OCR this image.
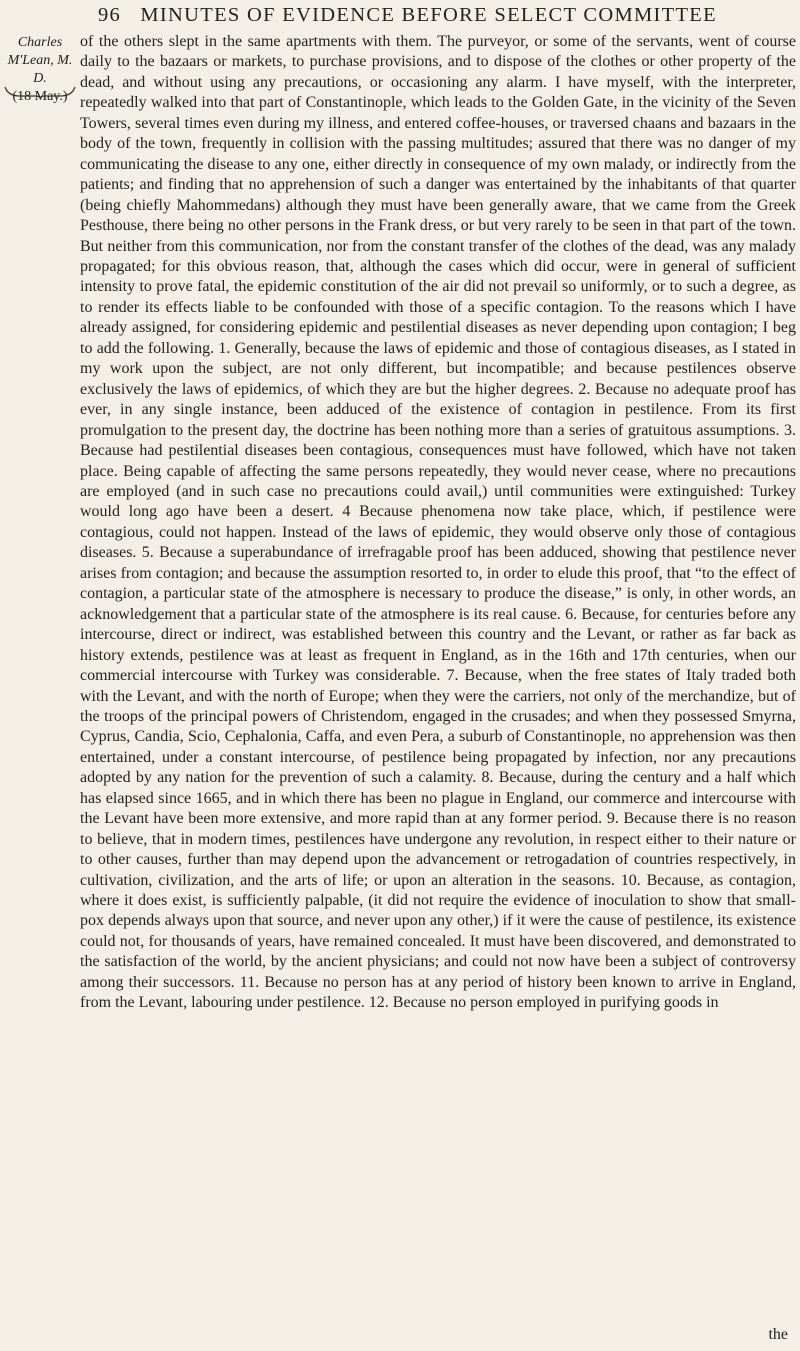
96 MINUTES OF EVIDENCE BEFORE SELECT COMMITTEE
Charles M'Lean, M. D.
(18 May.)

of the others slept in the same apartments with them. The purveyor, or some of the servants, went of course daily to the bazaars or markets, to purchase provisions, and to dispose of the clothes or other property of the dead, and without using any precautions, or occasioning any alarm. I have myself, with the interpreter, repeatedly walked into that part of Constantinople, which leads to the Golden Gate, in the vicinity of the Seven Towers, several times even during my illness, and entered coffee-houses, or traversed chaans and bazaars in the body of the town, frequently in collision with the passing multitudes; assured that there was no danger of my communicating the disease to any one, either directly in consequence of my own malady, or indirectly from the patients; and finding that no apprehension of such a danger was entertained by the inhabitants of that quarter (being chiefly Mahommedans) although they must have been generally aware, that we came from the Greek Pesthouse, there being no other persons in the Frank dress, or but very rarely to be seen in that part of the town. But neither from this communication, nor from the constant transfer of the clothes of the dead, was any malady propagated; for this obvious reason, that, although the cases which did occur, were in general of sufficient intensity to prove fatal, the epidemic constitution of the air did not prevail so uniformly, or to such a degree, as to render its effects liable to be confounded with those of a specific contagion. To the reasons which I have already assigned, for considering epidemic and pestilential diseases as never depending upon contagion; I beg to add the following. 1. Generally, because the laws of epidemic and those of contagious diseases, as I stated in my work upon the subject, are not only different, but incompatible; and because pestilences observe exclusively the laws of epidemics, of which they are but the higher degrees. 2. Because no adequate proof has ever, in any single instance, been adduced of the existence of contagion in pestilence. From its first promulgation to the present day, the doctrine has been nothing more than a series of gratuitous assumptions. 3. Because had pestilential diseases been contagious, consequences must have followed, which have not taken place. Being capable of affecting the same persons repeatedly, they would never cease, where no precautions are employed (and in such case no precautions could avail,) until communities were extinguished: Turkey would long ago have been a desert. 4 Because phenomena now take place, which, if pestilence were contagious, could not happen. Instead of the laws of epidemic, they would observe only those of contagious diseases. 5. Because a superabundance of irrefragable proof has been adduced, showing that pestilence never arises from contagion; and because the assumption resorted to, in order to elude this proof, that “to the effect of contagion, a particular state of the atmosphere is necessary to produce the disease,” is only, in other words, an acknowledgement that a particular state of the atmosphere is its real cause. 6. Because, for centuries before any intercourse, direct or indirect, was established between this country and the Levant, or rather as far back as history extends, pestilence was at least as frequent in England, as in the 16th and 17th centuries, when our commercial intercourse with Turkey was considerable. 7. Because, when the free states of Italy traded both with the Levant, and with the north of Europe; when they were the carriers, not only of the merchandize, but of the troops of the principal powers of Christendom, engaged in the crusades; and when they possessed Smyrna, Cyprus, Candia, Scio, Cephalonia, Caffa, and even Pera, a suburb of Constantinople, no apprehension was then entertained, under a constant intercourse, of pestilence being propagated by infection, nor any precautions adopted by any nation for the prevention of such a calamity. 8. Because, during the century and a half which has elapsed since 1665, and in which there has been no plague in England, our commerce and intercourse with the Levant have been more extensive, and more rapid than at any former period. 9. Because there is no reason to believe, that in modern times, pestilences have undergone any revolution, in respect either to their nature or to other causes, further than may depend upon the advancement or retrogadation of countries respectively, in cultivation, civilization, and the arts of life; or upon an alteration in the seasons. 10. Because, as contagion, where it does exist, is sufficiently palpable, (it did not require the evidence of inoculation to show that small-pox depends always upon that source, and never upon any other,) if it were the cause of pestilence, its existence could not, for thousands of years, have remained concealed. It must have been discovered, and demonstrated to the satisfaction of the world, by the ancient physicians; and could not now have been a subject of controversy among their successors. 11. Because no person has at any period of history been known to arrive in England, from the Levant, labouring under pestilence. 12. Because no person employed in purifying goods in

the
